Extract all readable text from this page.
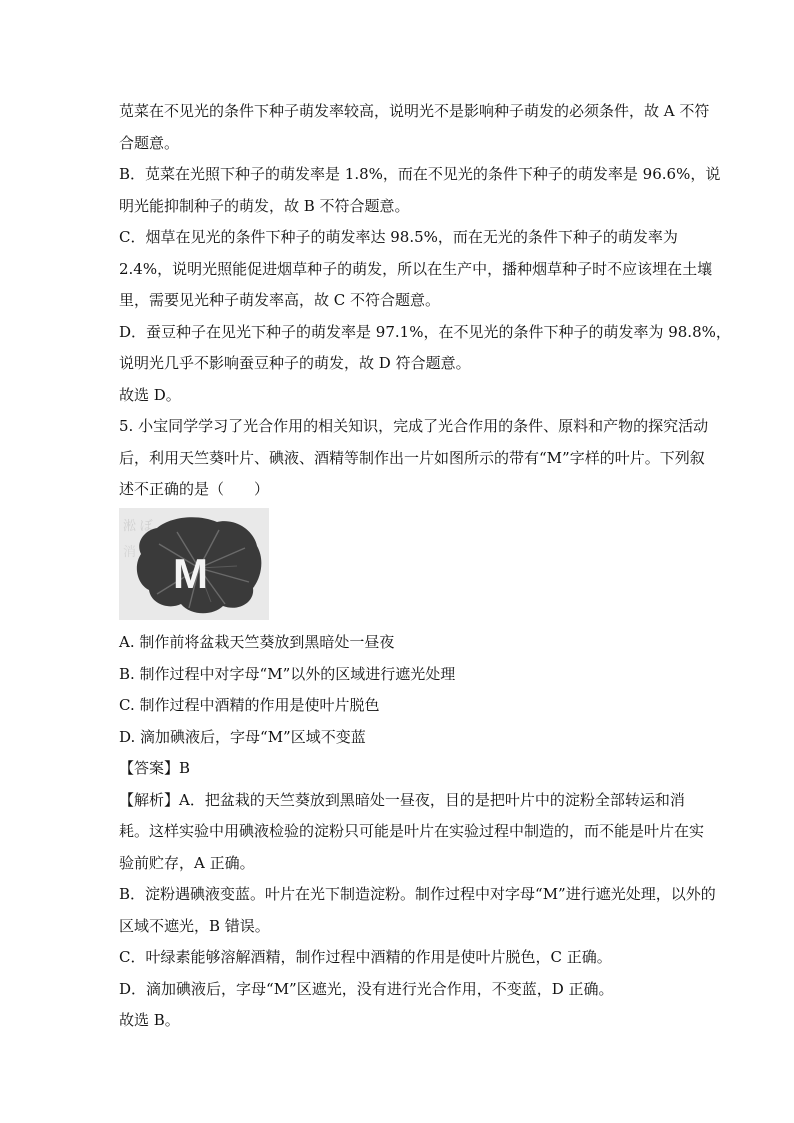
苋菜在不见光的条件下种子萌发率较高，说明光不是影响种子萌发的必须条件，故 A 不符
合题意。
B．苋菜在光照下种子的萌发率是 1.8%，而在不见光的条件下种子的萌发率是 96.6%，说
明光能抑制种子的萌发，故 B 不符合题意。
C．烟草在见光的条件下种子的萌发率达 98.5%，而在无光的条件下种子的萌发率为
2.4%，说明光照能促进烟草种子的萌发，所以在生产中，播种烟草种子时不应该埋在土壤
里，需要见光种子萌发率高，故 C 不符合题意。
D．蚕豆种子在见光下种子的萌发率是 97.1%，在不见光的条件下种子的萌发率为 98.8%，
说明光几乎不影响蚕豆种子的萌发，故 D 符合题意。
故选 D。
5. 小宝同学学习了光合作用的相关知识，完成了光合作用的条件、原料和产物的探究活动
后，利用天竺葵叶片、碘液、酒精等制作出一片如图所示的带有“M”字样的叶片。下列叙
述不正确的是（　　）
淞 ぼ
消 M
A. 制作前将盆栽天竺葵放到黑暗处一昼夜
B. 制作过程中对字母“M”以外的区域进行遮光处理
C. 制作过程中酒精的作用是使叶片脱色
D. 滴加碘液后，字母“M”区域不变蓝
【答案】B
【解析】A．把盆栽的天竺葵放到黑暗处一昼夜，目的是把叶片中的淀粉全部转运和消
耗。这样实验中用碘液检验的淀粉只可能是叶片在实验过程中制造的，而不能是叶片在实
验前贮存，A 正确。
B．淀粉遇碘液变蓝。叶片在光下制造淀粉。制作过程中对字母“M”进行遮光处理，以外的
区域不遮光，B 错误。
C．叶绿素能够溶解酒精，制作过程中酒精的作用是使叶片脱色，C 正确。
D．滴加碘液后，字母“M”区遮光，没有进行光合作用，不变蓝，D 正确。
故选 B。
